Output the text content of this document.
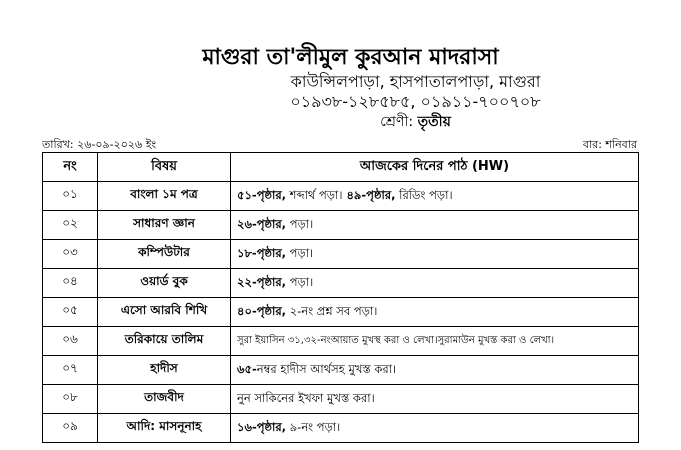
মাগুরা তা'লীমুল কুরআন মাদরাসা
কাউন্সিলপাড়া, হাসপাতালপাড়া, মাগুরা
০১৯৩৮-১২৮৫৮৫, ০১৯১১-৭০০৭০৮
শ্রেণী: তৃতীয়
তারিখ: ২৬-০৯-২০২৬ ইং	বার: শনিবার
নং	বিষয়	আজকের দিনের পাঠ (HW)
০১	বাংলা ১ম পত্র	৫১-পৃষ্ঠার, শব্দার্থ পড়া। ৪৯-পৃষ্ঠার, রিডিং পড়া।
০২	সাধারণ জ্ঞান	২৬-পৃষ্ঠার, পড়া।
০৩	কম্পিউটার	১৮-পৃষ্ঠার, পড়া।
০৪	ওয়ার্ড বুক	২২-পৃষ্ঠার, পড়া।
০৫	এসো আরবি শিখি	৪০-পৃষ্ঠার, ২-নং প্রশ্ন সব পড়া।
০৬	তরিকায়ে তালিম	সুরা ইয়াসিন ৩১,৩২-নংআয়াত মুখস্থ করা ও লেখা।সুরামাউন মুখস্ত করা ও লেখা।
০৭	হাদীস	৬৫-নম্বর হাদীস আর্থসহ মুখস্ত করা।
০৮	তাজবীদ	নুন সাকিনের ইখফা মুখস্ত করা।
০৯	আদি: মাসনূনাহ	১৬-পৃষ্ঠার, ৯-নং পড়া।
